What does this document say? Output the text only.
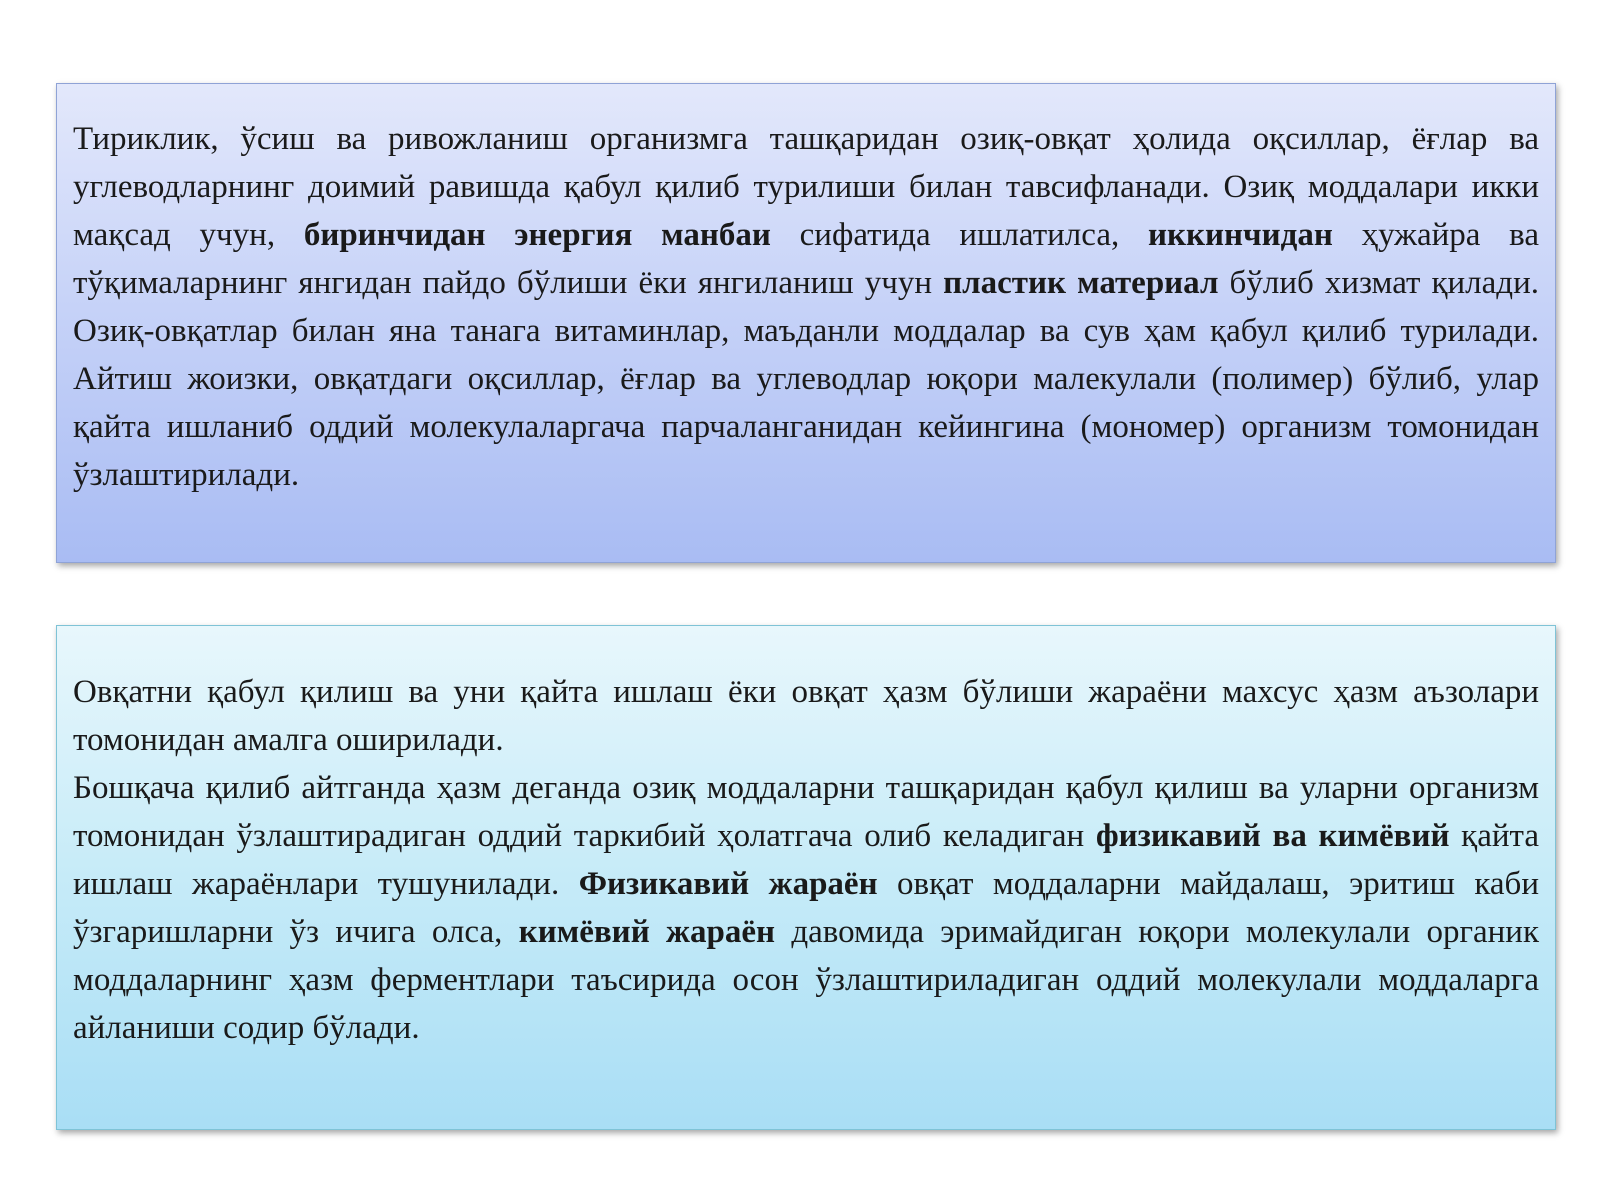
Тириклик, ўсиш ва ривожланиш организмга ташқаридан озиқ-овқат ҳолида оқсиллар, ёғлар ва углеводларнинг доимий равишда қабул қилиб турилиши билан тавсифланади. Озиқ моддалари икки мақсад учун, биринчидан энергия манбаи сифатида ишлатилса, иккинчидан ҳужайра ва тўқималарнинг янгидан пайдо бўлиши ёки янгиланиш учун пластик материал бўлиб хизмат қилади. Озиқ-овқатлар билан яна танага витаминлар, маъданли моддалар ва сув ҳам қабул қилиб турилади. Айтиш жоизки, овқатдаги оқсиллар, ёғлар ва углеводлар юқори малекулали (полимер) бўлиб, улар қайта ишланиб оддий молекулаларгача парчаланганидан кейингина (мономер) организм томонидан ўзлаштирилади.

Овқатни қабул қилиш ва уни қайта ишлаш ёки овқат ҳазм бўлиши жараёни махсус ҳазм аъзолари томонидан амалга оширилади.

Бошқача қилиб айтганда ҳазм деганда озиқ моддаларни ташқаридан қабул қилиш ва уларни организм томонидан ўзлаштирадиган оддий таркибий ҳолатгача олиб келадиган физикавий ва кимёвий қайта ишлаш жараёнлари тушунилади. Физикавий жараён овқат моддаларни майдалаш, эритиш каби ўзгаришларни ўз ичига олса, кимёвий жараён давомида эримайдиган юқори молекулали органик моддаларнинг ҳазм ферментлари таъсирида осон ўзлаштириладиган оддий молекулали моддаларга айланиши содир бўлади.
